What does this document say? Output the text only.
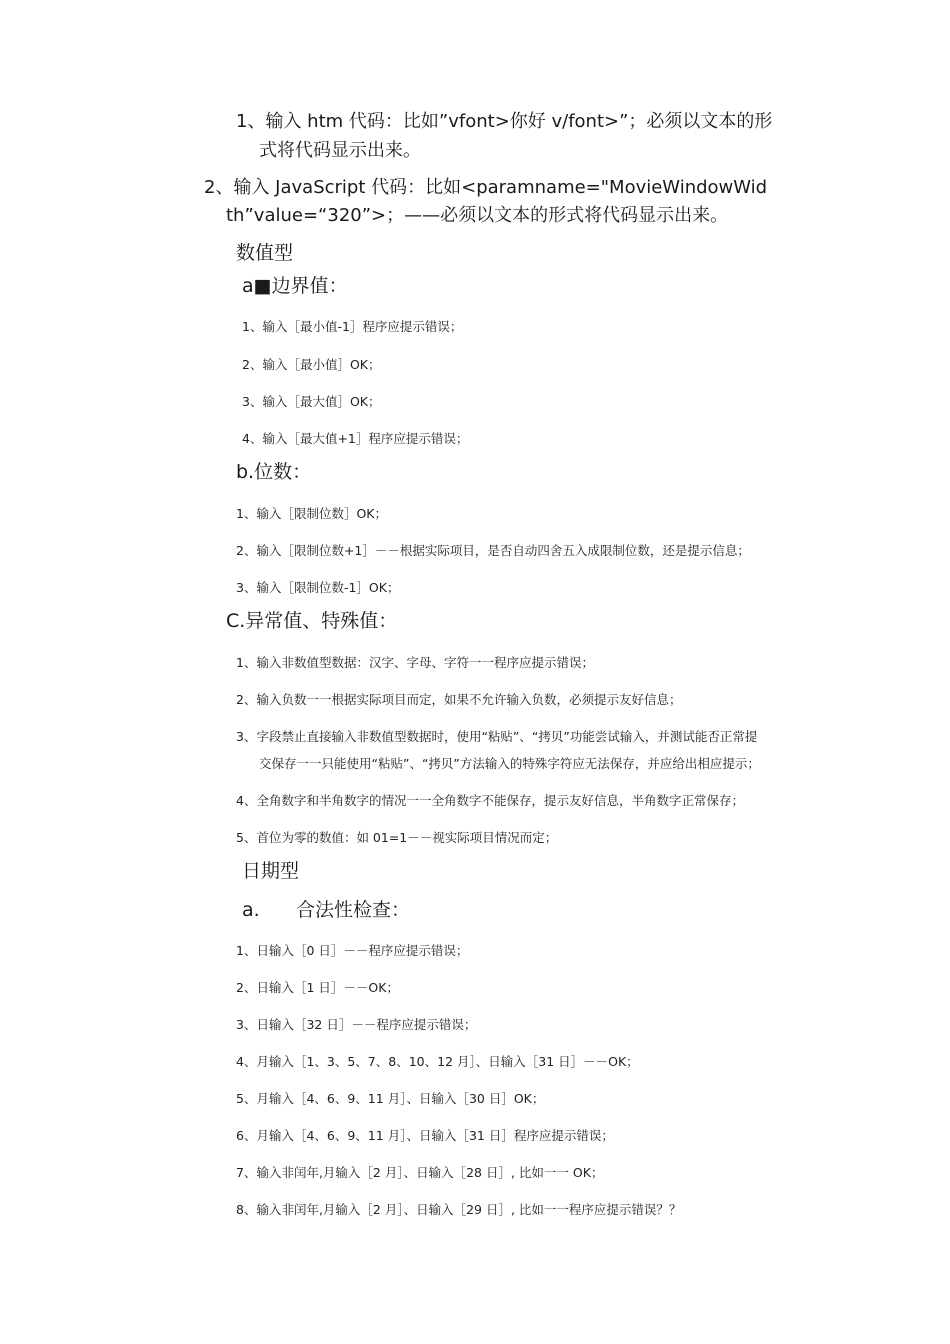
1、输入 htm 代码：比如”vfont>你好 v/font>”；必须以文本的形
式将代码显示出来。
2、输入 JavaScript 代码：比如<paramname="MovieWindowWid
th”value=“320”>；——必须以文本的形式将代码显示出来。
数值型
a■边界值：
1、输入［最小值-1］程序应提示错误；
2、输入［最小值］OK；
3、输入［最大值］OK；
4、输入［最大值+1］程序应提示错误；
b.位数：
1、输入［限制位数］OK；
2、输入［限制位数+1］－－根据实际项目，是否自动四舍五入成限制位数，还是提示信息；
3、输入［限制位数-1］OK；
C.异常值、特殊值：
1、输入非数值型数据：汉字、字母、字符一一程序应提示错误；
2、输入负数一一根据实际项目而定，如果不允许输入负数，必须提示友好信息；
3、字段禁止直接输入非数值型数据时，使用“粘贴”、“拷贝”功能尝试输入，并测试能否正常提
交保存一一只能使用“粘贴”、“拷贝”方法输入的特殊字符应无法保存，并应给出相应提示；
4、全角数字和半角数字的情况一一全角数字不能保存，提示友好信息，半角数字正常保存；
5、首位为零的数值：如 01=1－－视实际项目情况而定；
日期型
a. 合法性检查：
1、日输入［0 日］－－程序应提示错误；
2、日输入［1 日］－－OK；
3、日输入［32 日］－－程序应提示错误；
4、月输入［1、3、5、7、8、10、12 月］、日输入［31 日］－－OK；
5、月输入［4、6、9、11 月］、日输入［30 日］OK；
6、月输入［4、6、9、11 月］、日输入［31 日］程序应提示错误；
7、输入非闰年,月输入［2 月］、日输入［28 日］, 比如一一 OK；
8、输入非闰年,月输入［2 月］、日输入［29 日］, 比如一一程序应提示错误？？
